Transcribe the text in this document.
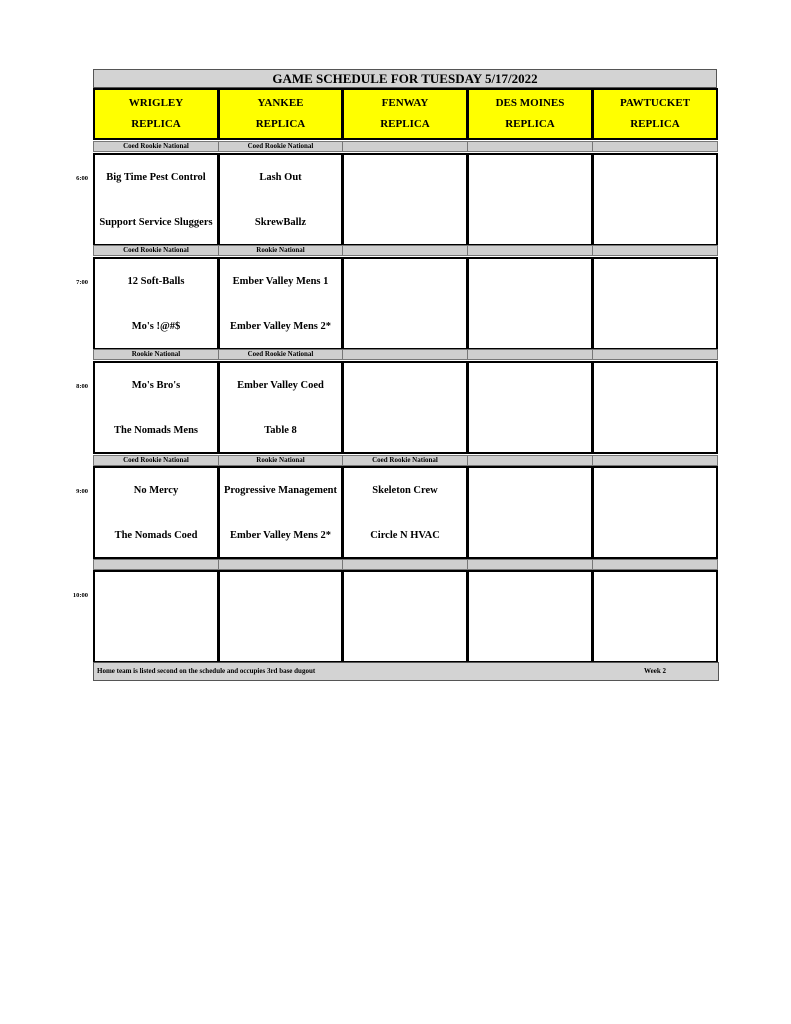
GAME SCHEDULE FOR TUESDAY 5/17/2022
WRIGLEY
REPLICA
YANKEE
REPLICA
FENWAY
REPLICA
DES MOINES
REPLICA
PAWTUCKET
REPLICA
Coed Rookie National
Big Time Pest Control
Support Service Sluggers
Coed Rookie National
Lash Out
SkrewBallz
Coed Rookie National
12 Soft-Balls
Mo's !@#$
Rookie National
Ember Valley Mens 1
Ember Valley Mens 2*
Rookie National
Mo's Bro's
The Nomads Mens
Coed Rookie National
Ember Valley Coed
Table 8
Coed Rookie National
No Mercy
The Nomads Coed
Rookie National
Progressive Management
Ember Valley Mens 2*
Coed Rookie National
Skeleton Crew
Circle N HVAC
6:00
7:00
8:00
9:00
10:00
Home team is listed second on the schedule and occupies 3rd base dugout	Week 2
